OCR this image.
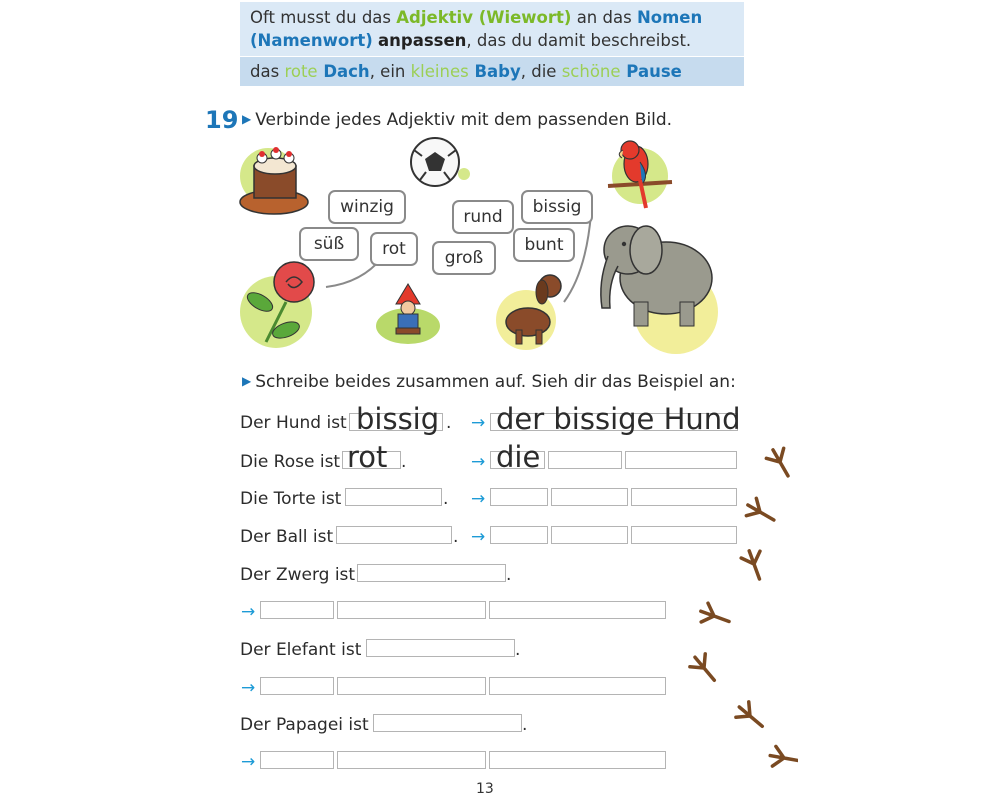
Oft musst du das Adjektiv (Wiewort) an das Nomen
(Namenwort) anpassen, das du damit beschreibst.
das rote Dach, ein kleines Baby, die schöne Pause
19 ▶ Verbinde jedes Adjektiv mit dem passenden Bild.
winzig
süß	rot
rund
groß
bissig
bunt
▶ Schreibe beides zusammen auf. Sieh dir das Beispiel an:
Der Hund ist bissig . → der bissige Hund
Die Rose ist rot .	→ die
Die Torte ist	. →
Der Ball ist	. →
Der Zwerg ist	.
→
Der Elefant ist	.
→
Der Papagei ist	.
→
13
